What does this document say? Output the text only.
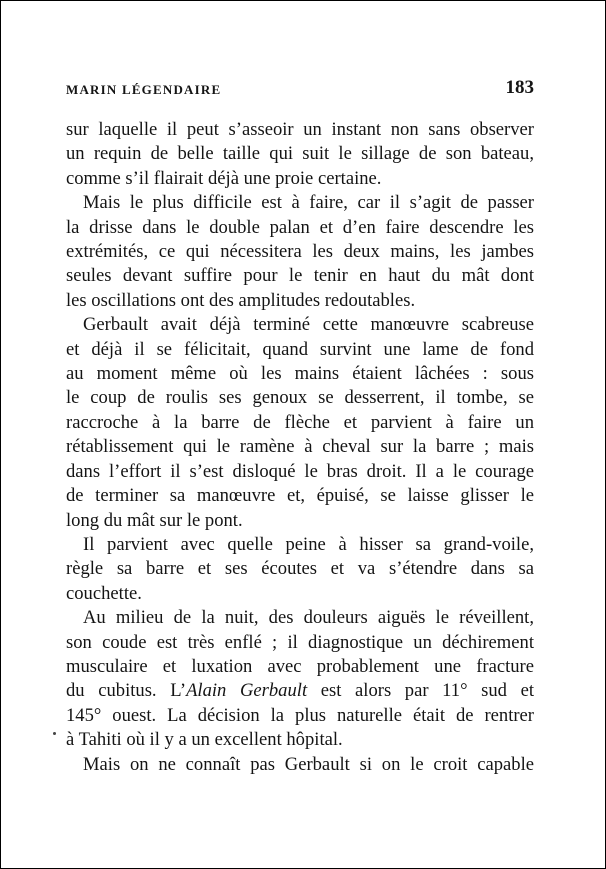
MARIN LÉGENDAIRE	183
sur laquelle il peut s’asseoir un instant non sans observer
un requin de belle taille qui suit le sillage de son bateau,
comme s’il flairait déjà une proie certaine.
Mais le plus difficile est à faire, car il s’agit de passer
la drisse dans le double palan et d’en faire descendre les
extrémités, ce qui nécessitera les deux mains, les jambes
seules devant suffire pour le tenir en haut du mât dont
les oscillations ont des amplitudes redoutables.
Gerbault avait déjà terminé cette manœuvre scabreuse
et déjà il se félicitait, quand survint une lame de fond
au moment même où les mains étaient lâchées : sous
le coup de roulis ses genoux se desserrent, il tombe, se
raccroche à la barre de flèche et parvient à faire un
rétablissement qui le ramène à cheval sur la barre ; mais
dans l’effort il s’est disloqué le bras droit. Il a le courage
de terminer sa manœuvre et, épuisé, se laisse glisser le
long du mât sur le pont.
Il parvient avec quelle peine à hisser sa grand-voile,
règle sa barre et ses écoutes et va s’étendre dans sa
couchette.
Au milieu de la nuit, des douleurs aiguës le réveillent,
son coude est très enflé ; il diagnostique un déchirement
musculaire et luxation avec probablement une fracture
du cubitus. L’Alain Gerbault est alors par 11° sud et
145° ouest. La décision la plus naturelle était de rentrer
à Tahiti où il y a un excellent hôpital.
Mais on ne connaît pas Gerbault si on le croit capable
